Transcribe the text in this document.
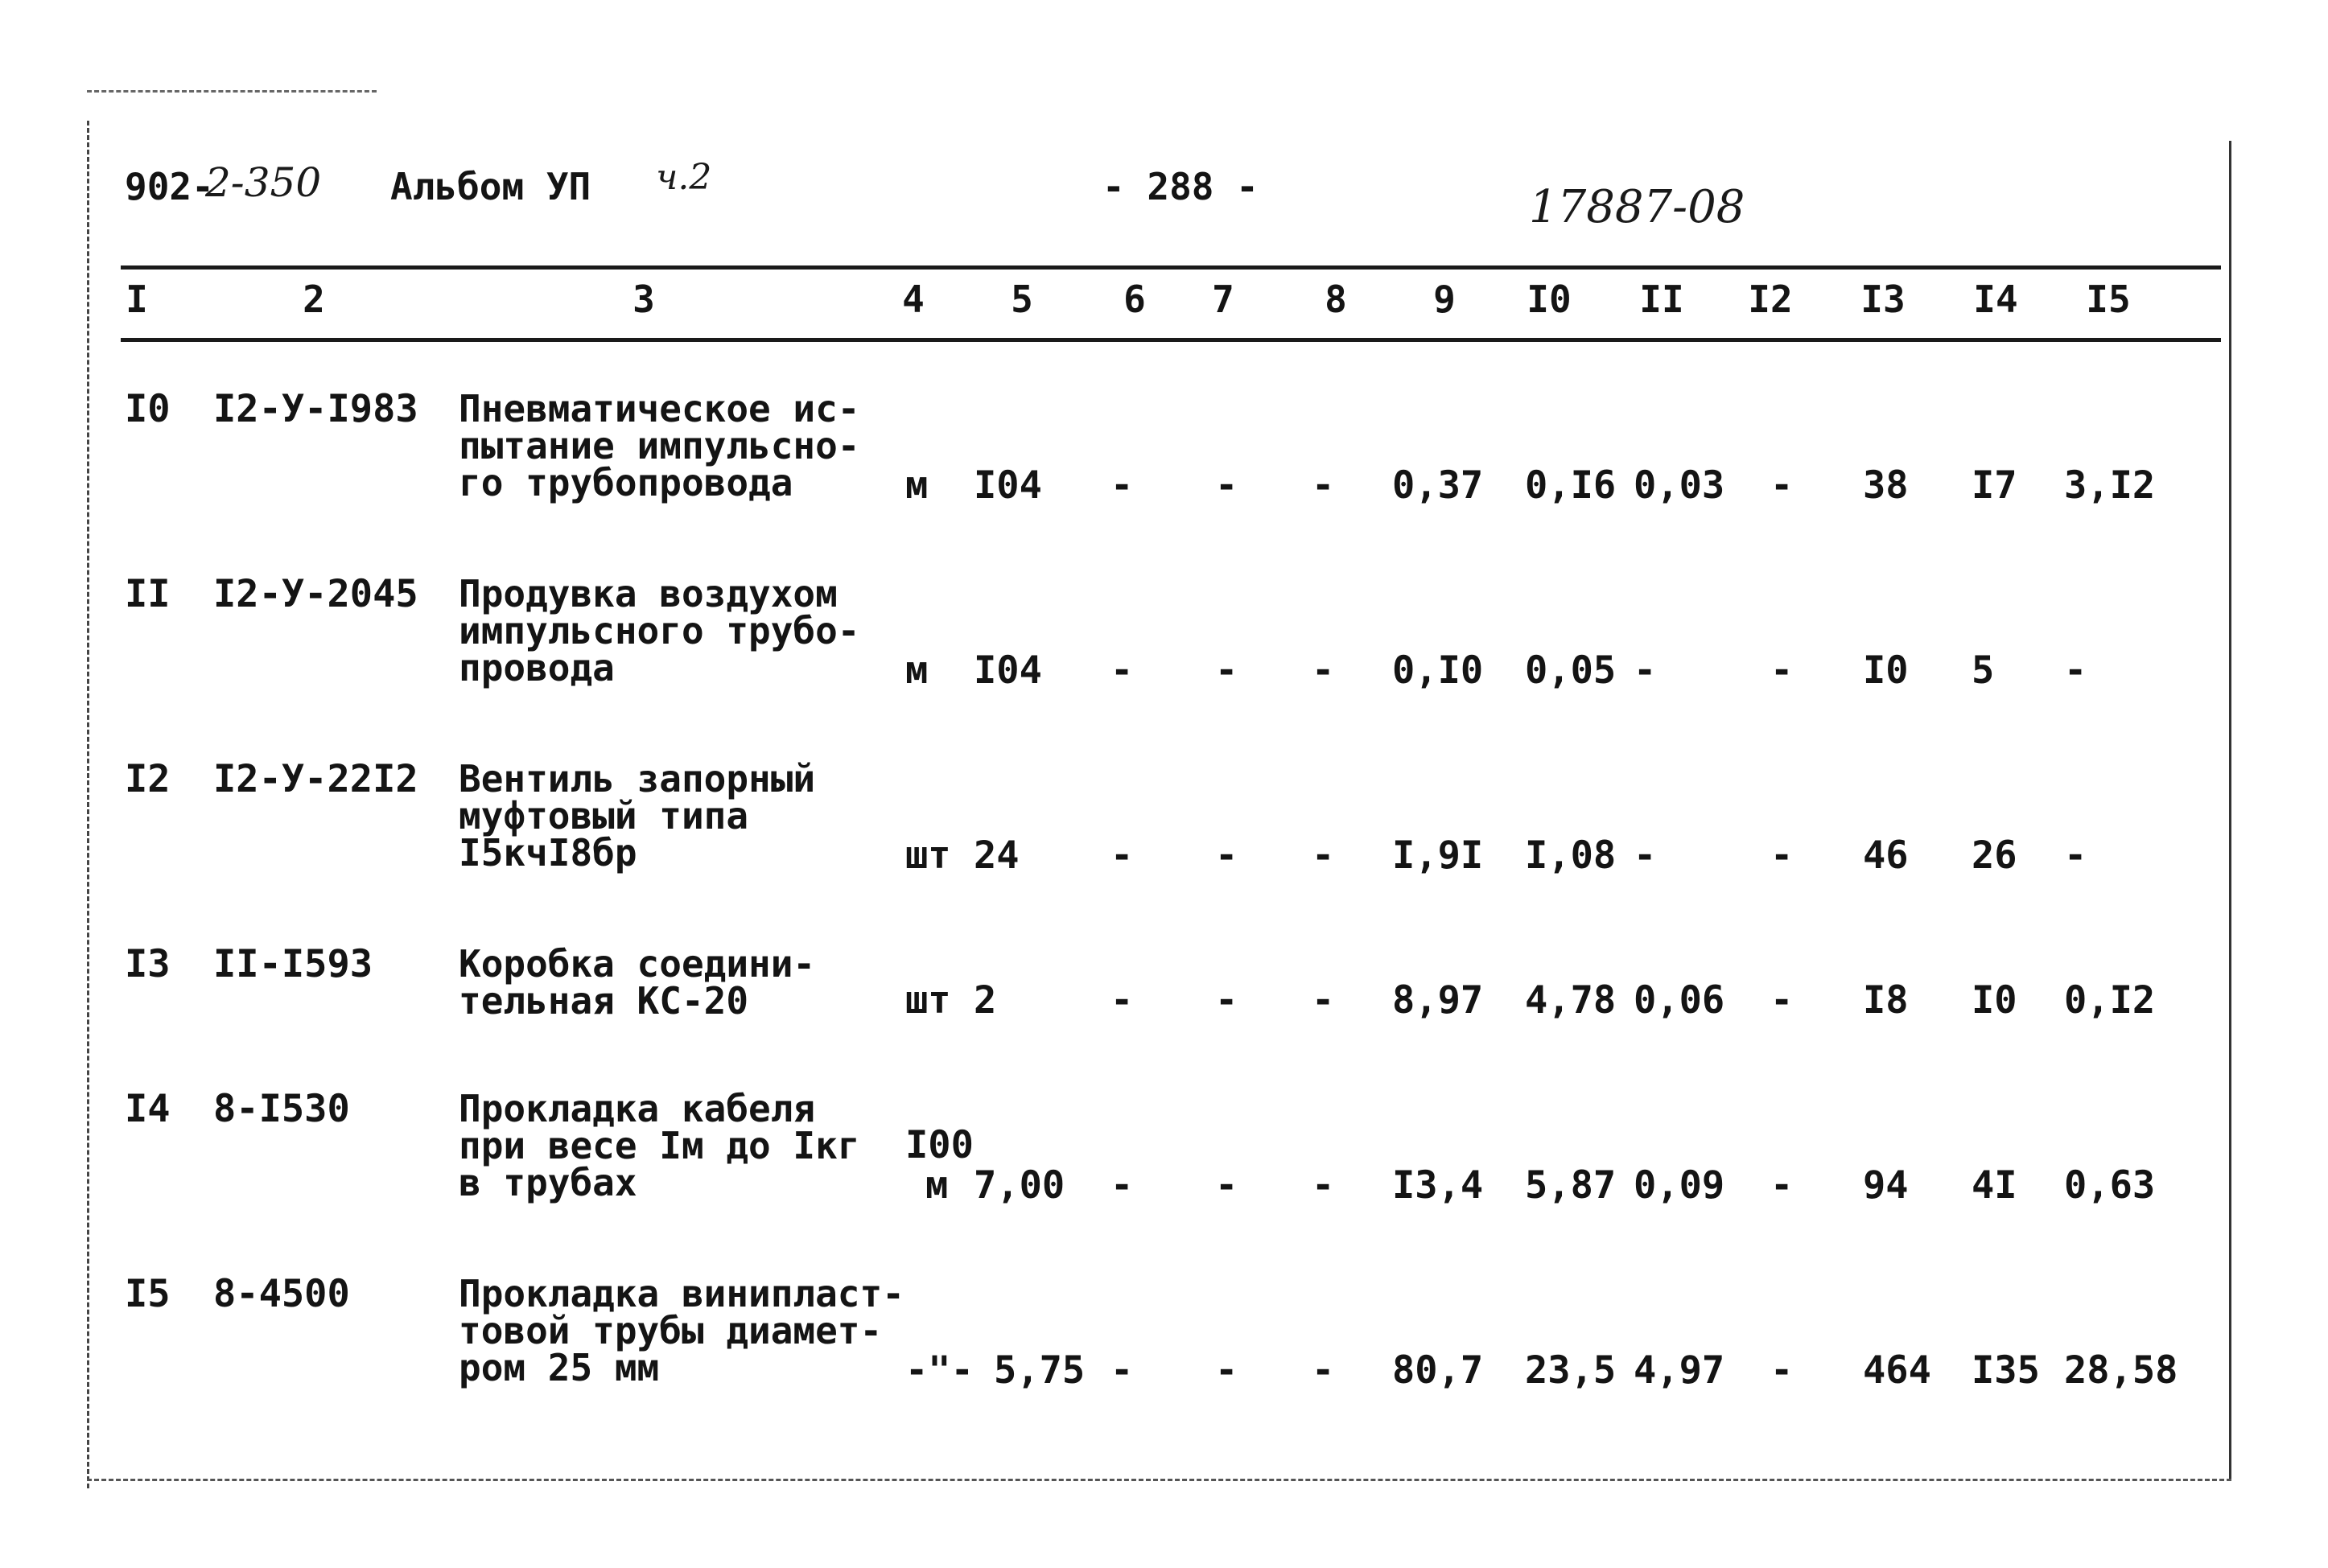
902-
2-350 Альбом УП ч.2	- 288 -	17887-08
I	2	3	4	5	6	7	8	9	I0 II I2 I3 I4 I5
I0 I2-У-I983 Пневматическое ис-
пытание импульсно-
го трубопровода	м I04 - - - 0,37 0,I6 0,03 - 38 I7 3,I2
II I2-У-2045 Продувка воздухом
импульсного трубо-
провода	м I04 - - - 0,I0 0,05 -	- I0 5 -
I2 I2-У-22I2 Вентиль запорный
муфтовый типа
I5кчI8бр	шт 24 - - - I,9I I,08 -	- 46 26 -
I3 II-I593 Коробка соедини-
тельная КС-20	шт 2	- - - 8,97 4,78 0,06 - I8 I0 0,I2
I4 8-I530	Прокладка кабеля
при весе Iм до Iкг
в трубах
I00
м 7,00 - - - I3,4 5,87 0,09 - 94 4I 0,63
I5 8-4500	Прокладка винипласт-
товой трубы диамет-
ром 25 мм	-"- 5,75 - - - 80,7 23,5 4,97 - 464 I35 28,58
